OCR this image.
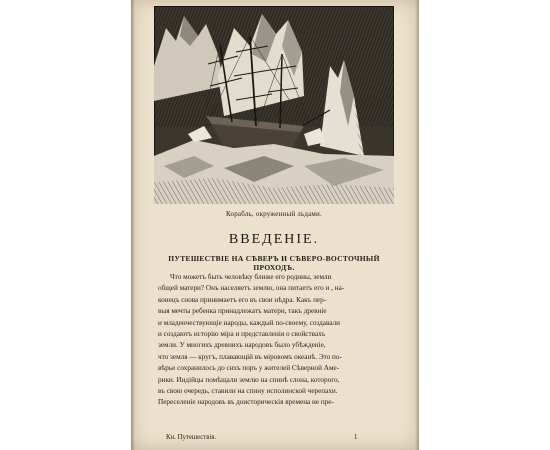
Корабль, окруженный льдами.
ВВЕДЕНIЕ.
ПУТЕШЕСТВIЕ НА СѢВЕРЪ И СѢВЕРО-ВОСТОЧНЫЙ ПРОХОДЪ.

Что можетъ быть человѣку ближе его родины, земли
общей матери? Онъ населяетъ землю, она питаетъ его и , на-
конецъ снова принимаетъ его въ свои нѣдра. Какъ пер-
выя мечты ребенка принадлежатъ матери, такъ древніе
и младенчествующіе народы, каждый по-своему, создавали
и создаютъ исторію міра и представленія о свойствахъ
земли. У многихъ древнихъ народовъ было убѣжденіе,
что земля — кругъ, плавающій въ міровомъ океанѣ. Это по-
вѣрье сохранилось до сихъ поръ у жителей Сѣверной Аме-
рики. Индійцы помѣщали землю на спинѣ слона, которого,
въ свою очередь, ставили на спину исполинской черепахи.
Переселеніе народовъ въ доисторическія времена не пре-

Кн. Путешествія.	1
